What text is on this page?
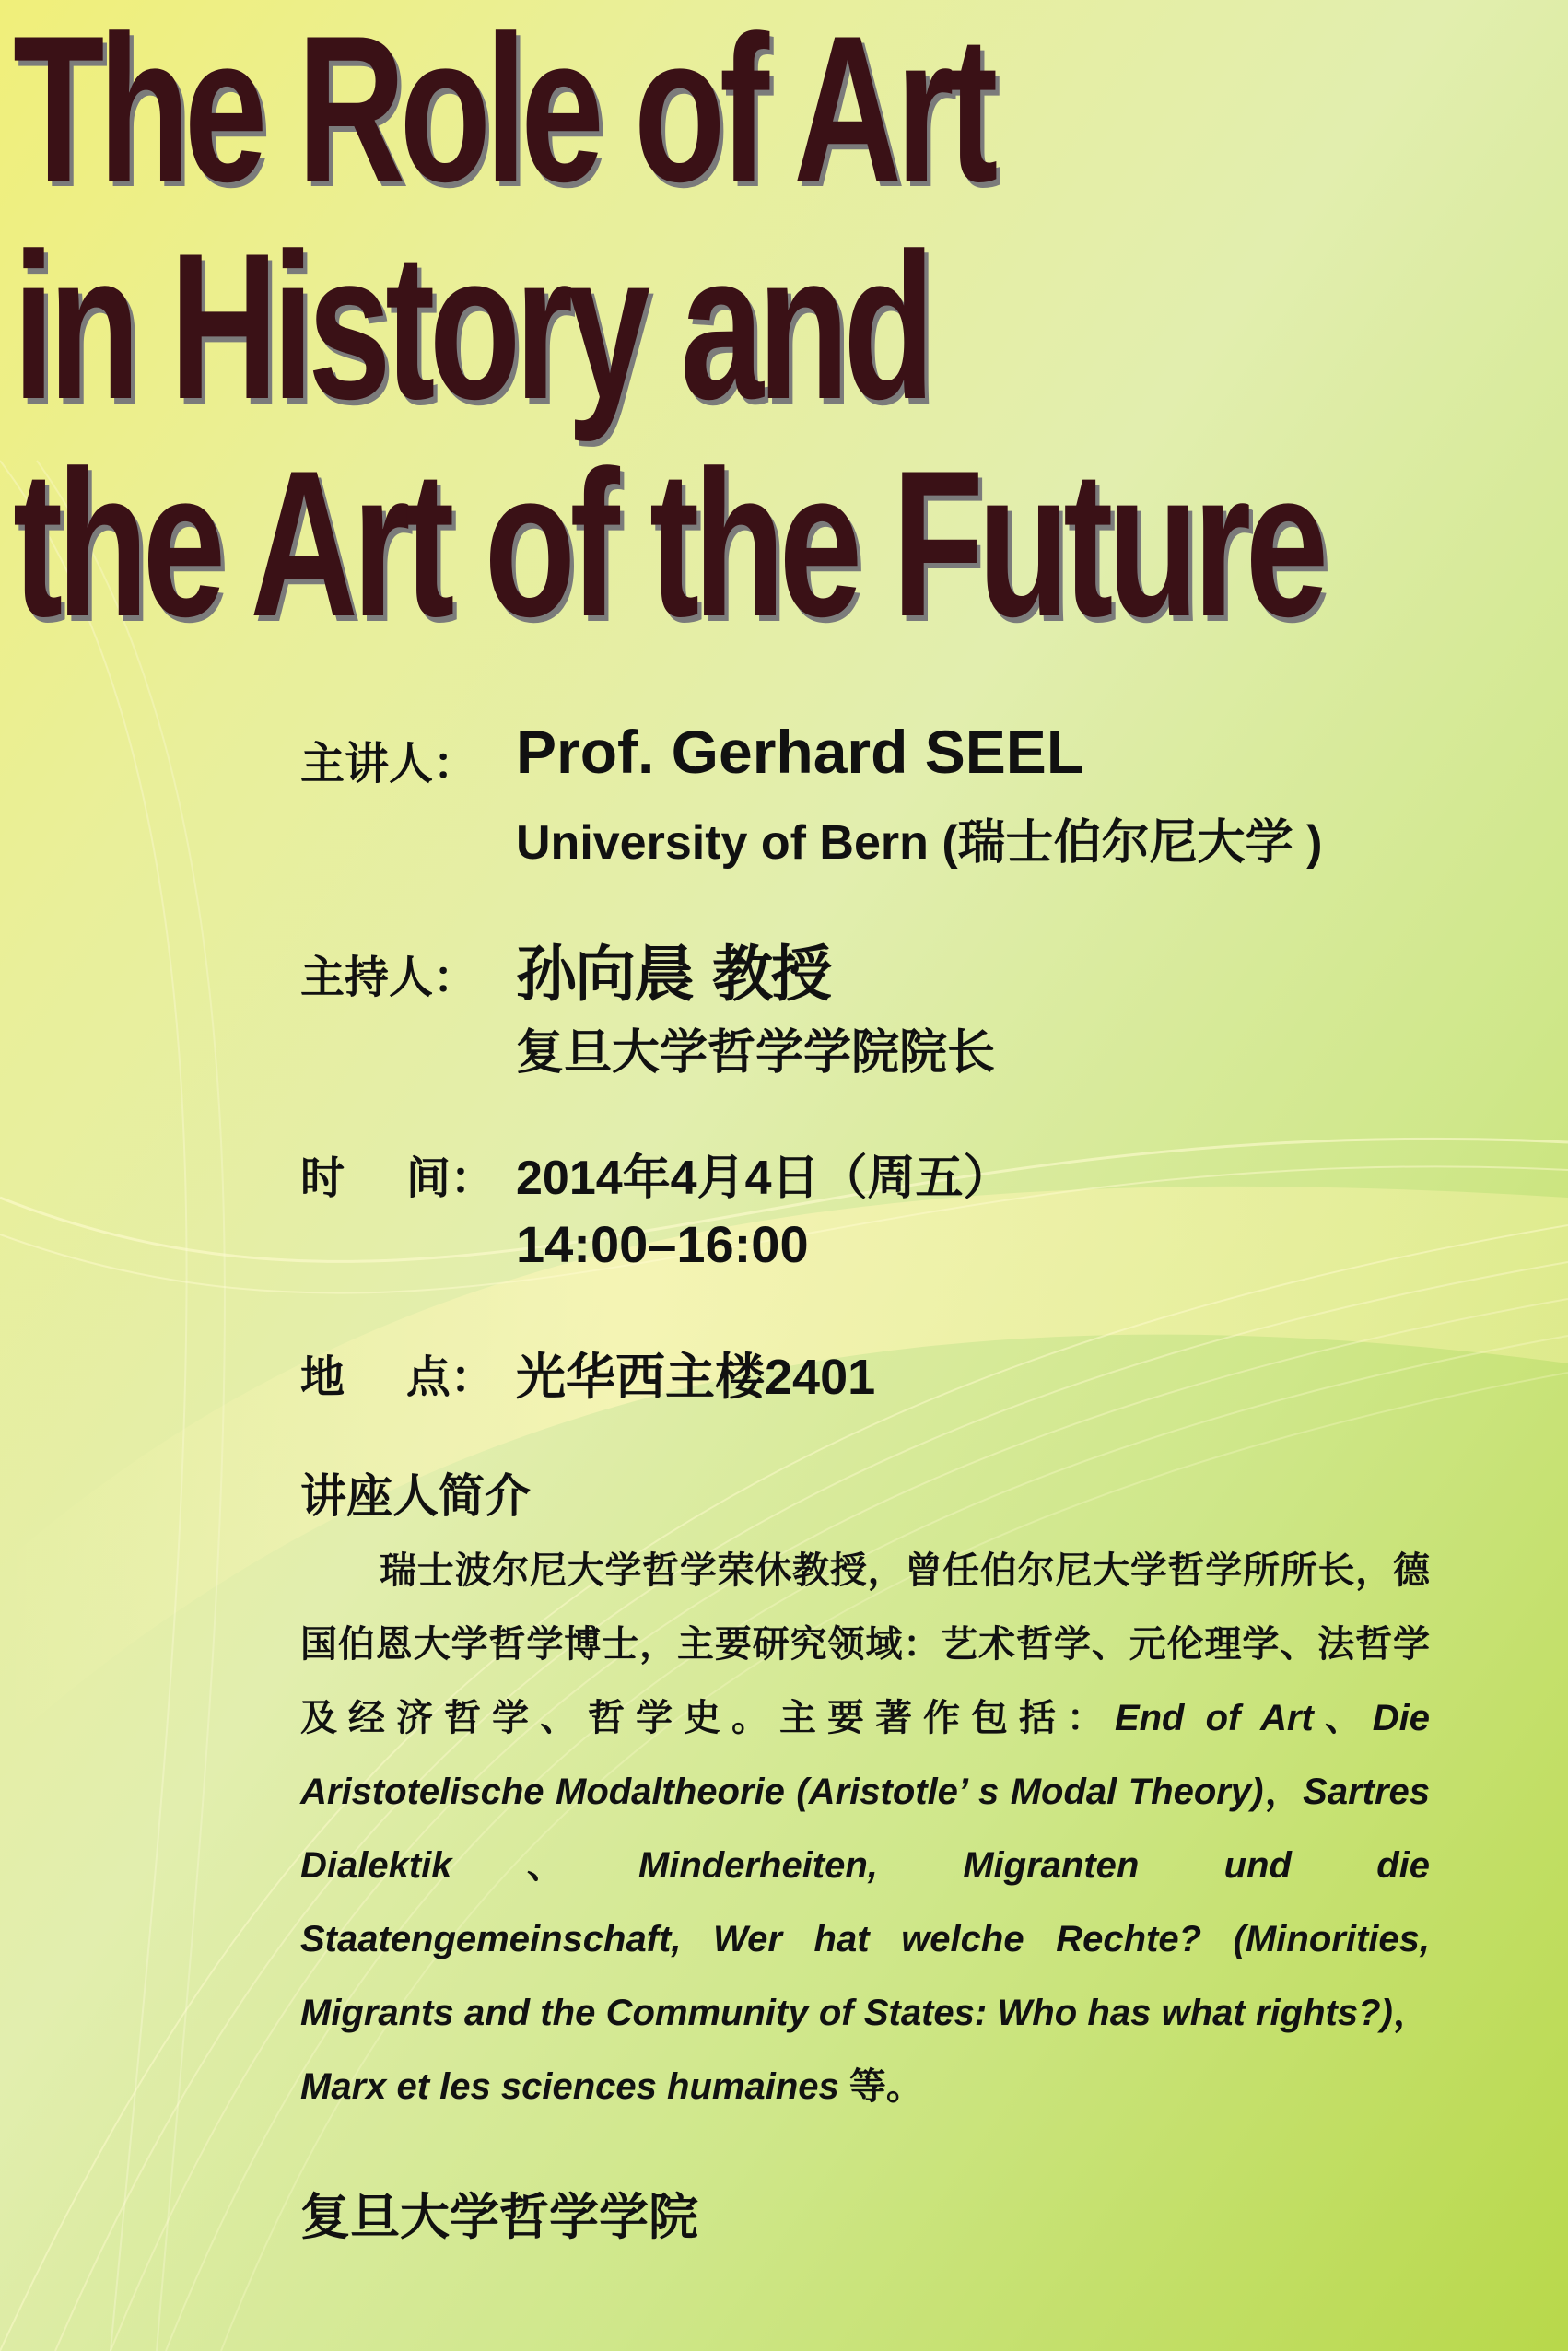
The Role of Art
in History and
the Art of the Future
主讲人： Prof. Gerhard SEEL
University of Bern (瑞士伯尔尼大学 )
主持人： 孙向晨 教授
复旦大学哲学学院院长
时    间： 2014年4月4日（周五）
14:00–16:00
地    点： 光华西主楼2401
讲座人简介

瑞士波尔尼大学哲学荣休教授，曾任伯尔尼大学哲学所所长，德国伯恩大学哲学博士，主要研究领域：艺术哲学、元伦理学、法哲学及经济哲学、哲学史。主要著作包括：End of Art、Die Aristotelische Modaltheorie (Aristotle’ s Modal Theory)，Sartres Dialektik、Minderheiten, Migranten und die Staatengemeinschaft, Wer hat welche Rechte? (Minorities, Migrants and the Community of States: Who has what rights?)，Marx et les sciences humaines 等。

复旦大学哲学学院
